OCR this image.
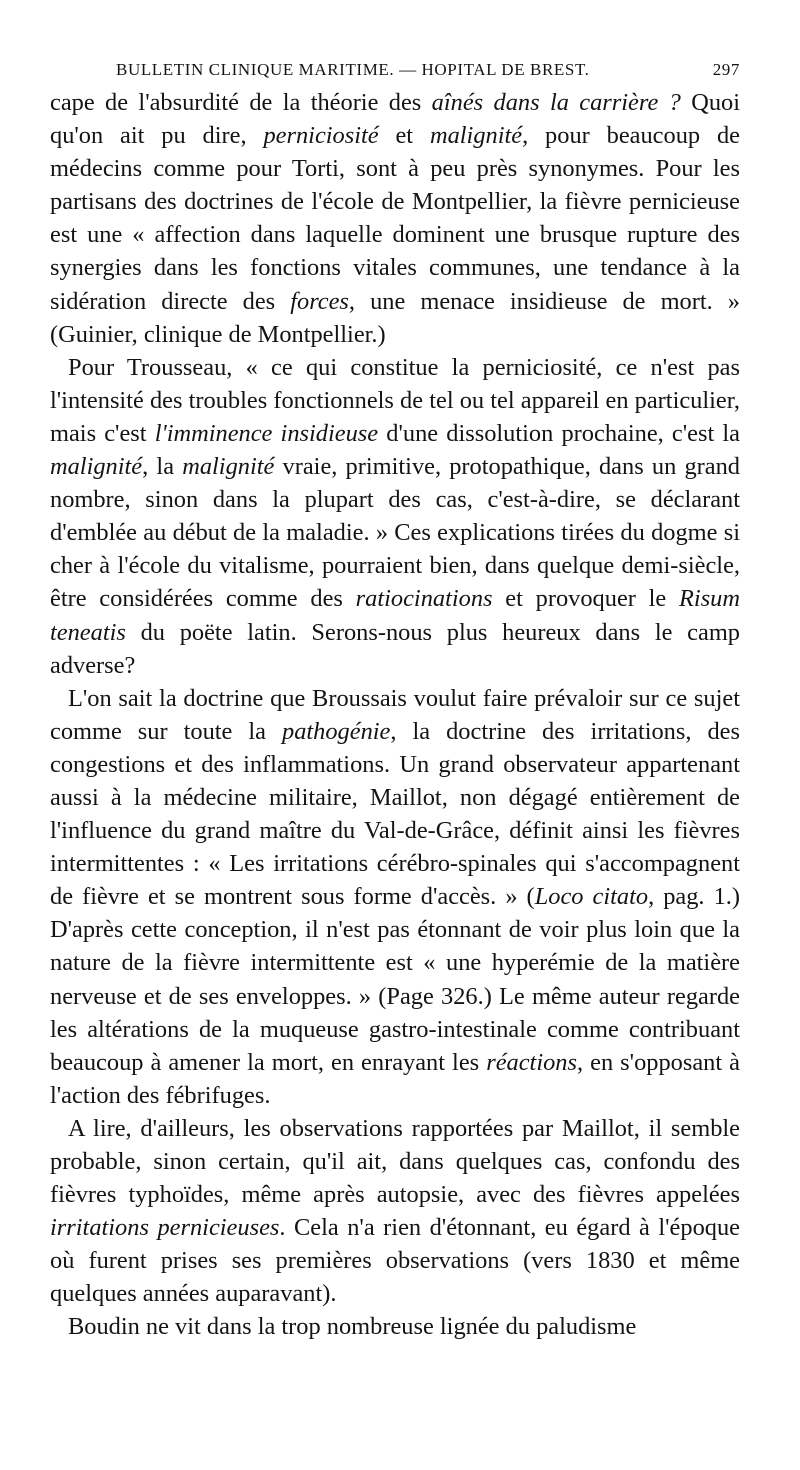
BULLETIN CLINIQUE MARITIME. — HOPITAL DE BREST.	297

cape de l'absurdité de la théorie des aînés dans la carrière ? Quoi qu'on ait pu dire, perniciosité et malignité, pour beaucoup de médecins comme pour Torti, sont à peu près synonymes. Pour les partisans des doctrines de l'école de Montpellier, la fièvre pernicieuse est une « affection dans laquelle dominent une brusque rupture des synergies dans les fonctions vitales communes, une tendance à la sidération directe des forces, une menace insidieuse de mort. » (Guinier, clinique de Montpellier.)

Pour Trousseau, « ce qui constitue la perniciosité, ce n'est pas l'intensité des troubles fonctionnels de tel ou tel appareil en particulier, mais c'est l'imminence insidieuse d'une dissolution prochaine, c'est la malignité, la malignité vraie, primitive, protopathique, dans un grand nombre, sinon dans la plupart des cas, c'est-à-dire, se déclarant d'emblée au début de la maladie. » Ces explications tirées du dogme si cher à l'école du vitalisme, pourraient bien, dans quelque demi-siècle, être considérées comme des ratiocinations et provoquer le Risum teneatis du poëte latin. Serons-nous plus heureux dans le camp adverse?

L'on sait la doctrine que Broussais voulut faire prévaloir sur ce sujet comme sur toute la pathogénie, la doctrine des irritations, des congestions et des inflammations. Un grand observateur appartenant aussi à la médecine militaire, Maillot, non dégagé entièrement de l'influence du grand maître du Val-de-Grâce, définit ainsi les fièvres intermittentes : « Les irritations cérébro-spinales qui s'accompagnent de fièvre et se montrent sous forme d'accès. » (Loco citato, pag. 1.) D'après cette conception, il n'est pas étonnant de voir plus loin que la nature de la fièvre intermittente est « une hyperémie de la matière nerveuse et de ses enveloppes. » (Page 326.) Le même auteur regarde les altérations de la muqueuse gastro-intestinale comme contribuant beaucoup à amener la mort, en enrayant les réactions, en s'opposant à l'action des fébrifuges.

A lire, d'ailleurs, les observations rapportées par Maillot, il semble probable, sinon certain, qu'il ait, dans quelques cas, confondu des fièvres typhoïdes, même après autopsie, avec des fièvres appelées irritations pernicieuses. Cela n'a rien d'étonnant, eu égard à l'époque où furent prises ses premières observations (vers 1830 et même quelques années auparavant).

Boudin ne vit dans la trop nombreuse lignée du paludisme
